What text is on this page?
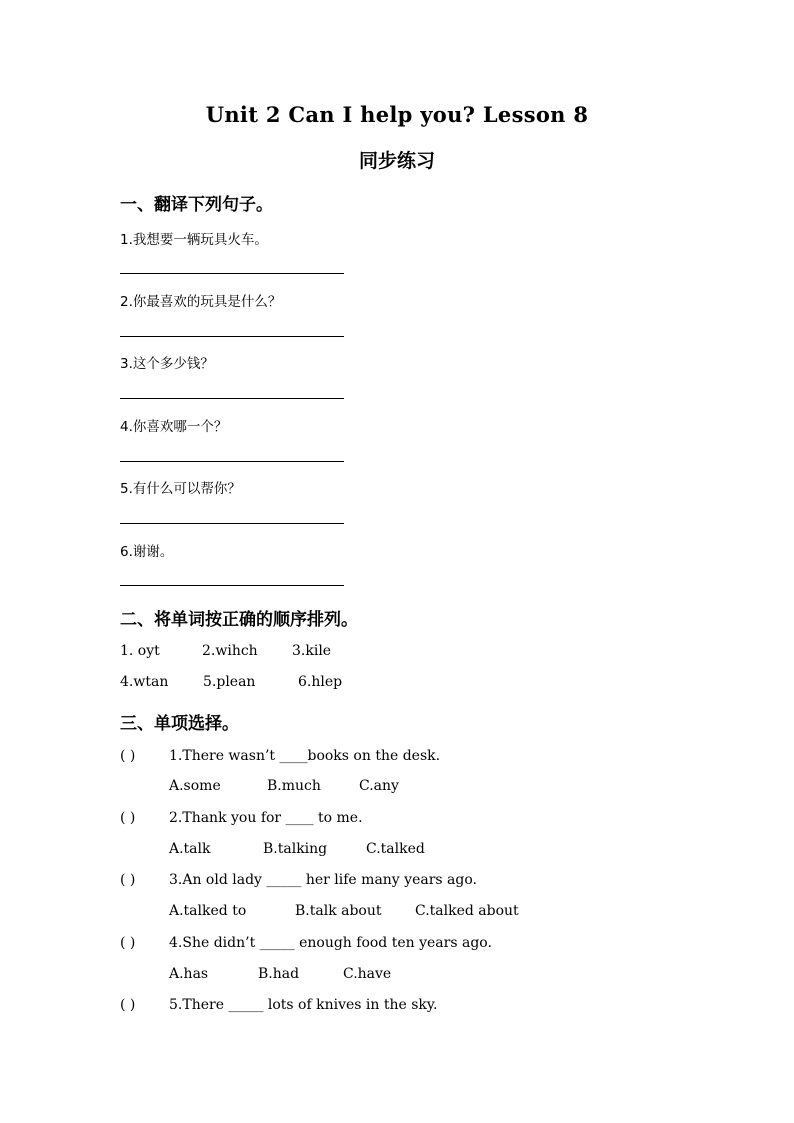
Unit 2 Can I help you? Lesson 8
同步练习
一、翻译下列句子。
1.我想要一辆玩具火车。
2.你最喜欢的玩具是什么？
3.这个多少钱？
4.你喜欢哪一个？
5.有什么可以帮你？
6.谢谢。
二、将单词按正确的顺序排列。
1. oyt	2.wihch 3.kile
4.wtan 5.plean	6.hlep
三、单项选择。
( ) 1.There wasn’t ____books on the desk.
A.some	B.much	C.any
( ) 2.Thank you for ____ to me.
A.talk	B.talking	C.talked
( ) 3.An old lady _____ her life many years ago.
A.talked to	B.talk about C.talked about
( ) 4.She didn’t _____ enough food ten years ago.
A.has	B.had	C.have
( ) 5.There _____ lots of knives in the sky.
